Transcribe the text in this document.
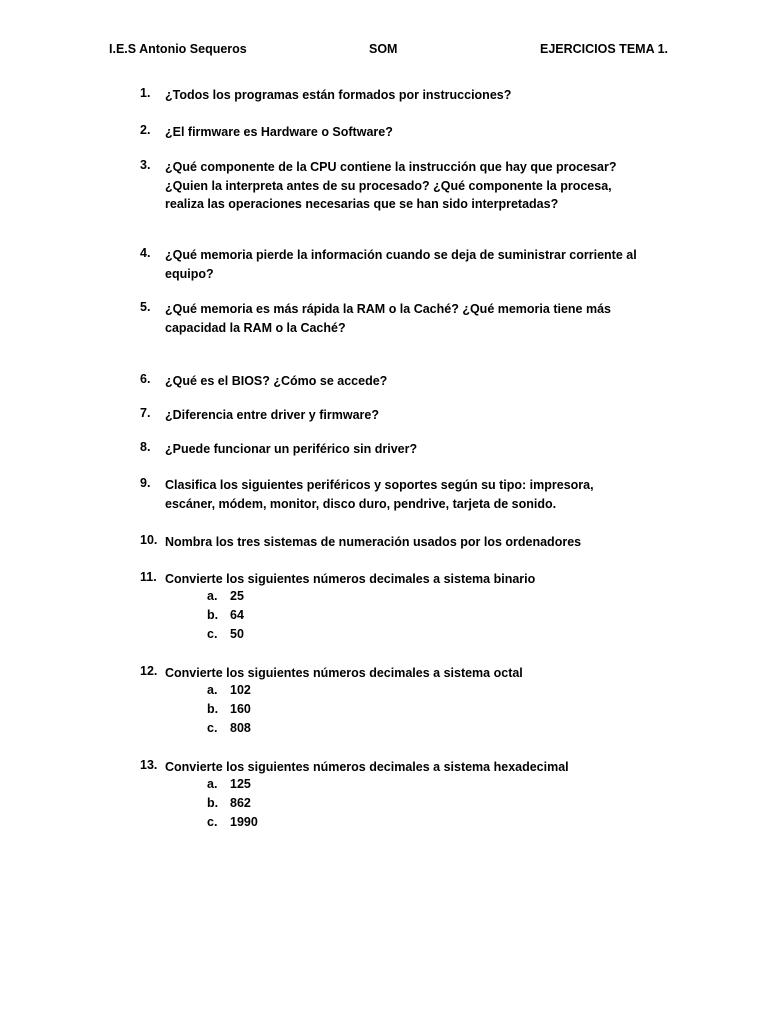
I.E.S Antonio Sequeros	SOM	EJERCICIOS TEMA 1.
1. ¿Todos los programas están formados por instrucciones?
2. ¿El firmware es Hardware o Software?
3. ¿Qué componente de la CPU contiene la instrucción que hay que procesar? ¿Quien la interpreta antes de su procesado? ¿Qué componente la procesa, realiza las operaciones necesarias que se han sido interpretadas?
4. ¿Qué memoria pierde la información cuando se deja de suministrar corriente al equipo?
5. ¿Qué memoria es más rápida la RAM o la Caché? ¿Qué memoria tiene más capacidad la RAM o la Caché?
6. ¿Qué es el BIOS? ¿Cómo se accede?
7. ¿Diferencia entre driver y firmware?
8. ¿Puede funcionar un periférico sin driver?
9. Clasifica los siguientes periféricos y soportes según su tipo: impresora, escáner, módem, monitor, disco duro, pendrive, tarjeta de sonido.
10. Nombra los tres sistemas de numeración usados por los ordenadores
11. Convierte los siguientes números decimales a sistema binario
a. 25
b. 64
c. 50
12. Convierte los siguientes números decimales a sistema octal
a. 102
b. 160
c. 808
13. Convierte los siguientes números decimales a sistema hexadecimal
a. 125
b. 862
c. 1990
